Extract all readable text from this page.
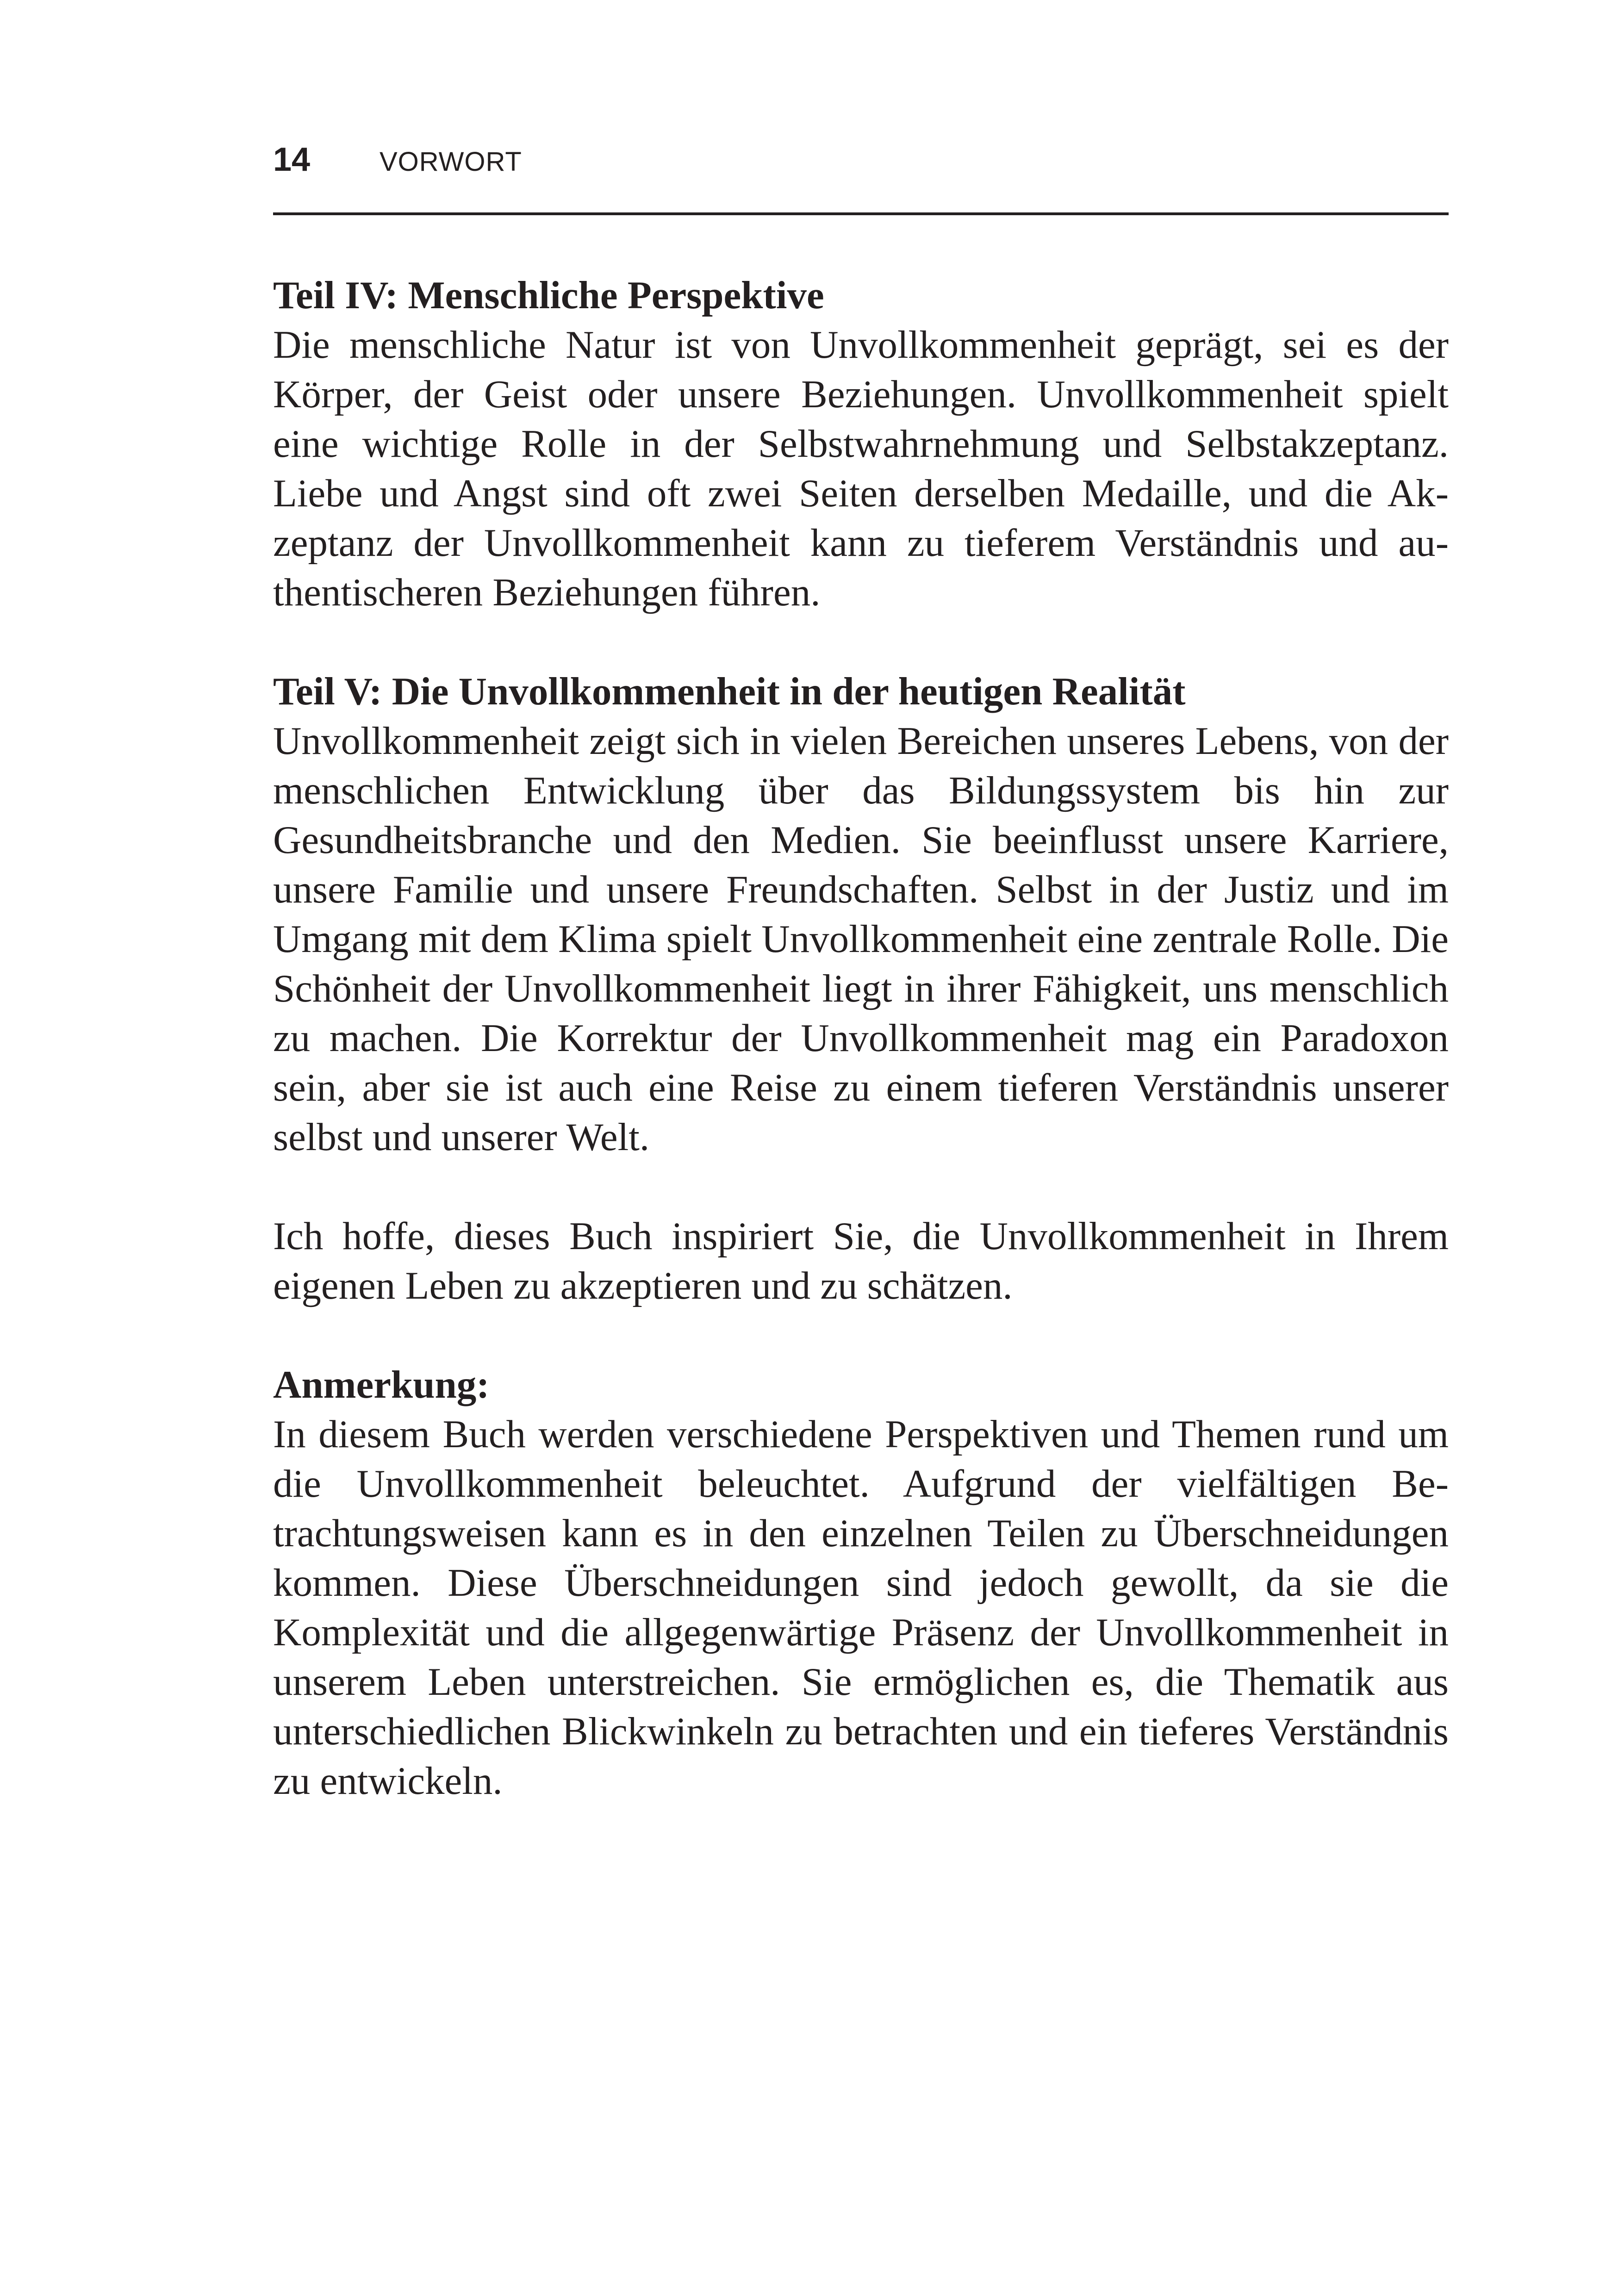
14	VORWORT
Teil IV: Menschliche Perspektive

Die menschliche Natur ist von Unvollkommenheit geprägt, sei es der Körper, der Geist oder unsere Beziehungen. Unvollkommenheit spielt eine wichtige Rolle in der Selbstwahrnehmung und Selbstakzeptanz. Liebe und Angst sind oft zwei Seiten derselben Medaille, und die Akzeptanz der Unvollkommenheit kann zu tieferem Verständnis und authentischeren Beziehungen führen.

Teil V: Die Unvollkommenheit in der heutigen Realität

Unvollkommenheit zeigt sich in vielen Bereichen unseres Lebens, von der menschlichen Entwicklung über das Bildungssystem bis hin zur Gesundheitsbranche und den Medien. Sie beeinflusst unsere Karriere, unsere Familie und unsere Freundschaften. Selbst in der Justiz und im Umgang mit dem Klima spielt Unvollkommenheit eine zentrale Rolle. Die Schönheit der Unvollkommenheit liegt in ihrer Fähigkeit, uns menschlich zu machen. Die Korrektur der Unvollkommenheit mag ein Paradoxon sein, aber sie ist auch eine Reise zu einem tieferen Verständnis unserer selbst und unserer Welt.

Ich hoffe, dieses Buch inspiriert Sie, die Unvollkommenheit in Ihrem eigenen Leben zu akzeptieren und zu schätzen.

Anmerkung:

In diesem Buch werden verschiedene Perspektiven und Themen rund um die Unvollkommenheit beleuchtet. Aufgrund der vielfältigen Betrachtungsweisen kann es in den einzelnen Teilen zu Überschneidungen kommen. Diese Überschneidungen sind jedoch gewollt, da sie die Komplexität und die allgegenwärtige Präsenz der Unvollkommenheit in unserem Leben unterstreichen. Sie ermöglichen es, die Thematik aus unterschiedlichen Blickwinkeln zu betrachten und ein tieferes Verständnis zu entwickeln.
